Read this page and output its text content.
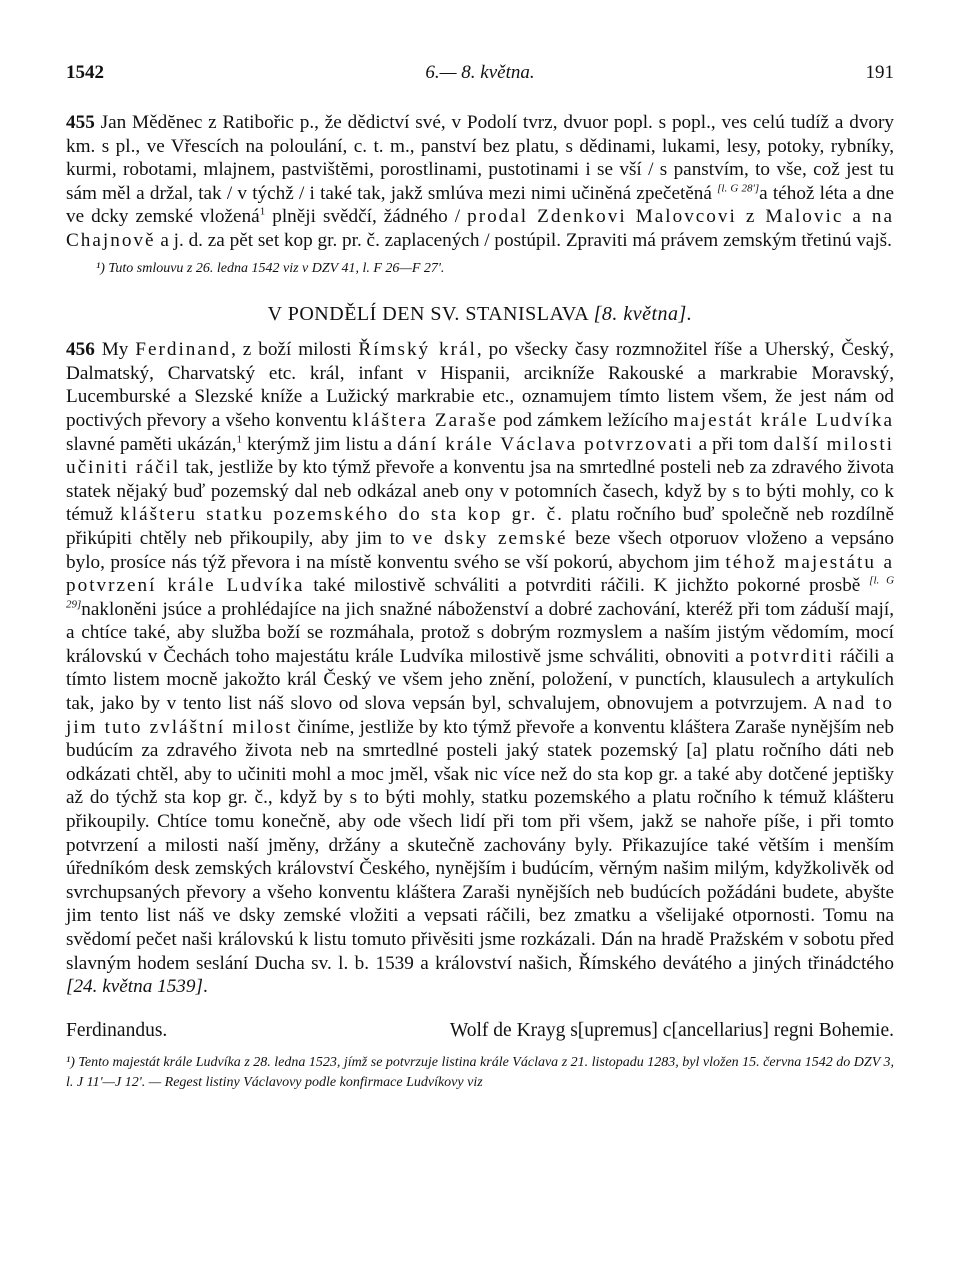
1542	6.— 8. května.	191

455 Jan Mědĕnec z Ratibořic p., že dědictví své, v Podolí tvrz, dvuor popl. s popl., ves celú tudíž a dvory km. s pl., ve Vřescích na poloulání, c. t. m., panství bez platu, s dědinami, lukami, lesy, potoky, rybníky, kurmi, robotami, mlajnem, pastvištĕmi, porostlinami, pustotinami i se vší / s panstvím, to vše, což jest tu sám měl a držal, tak / v týchž / i také tak, jakž smlúva mezi nimi učiněná zpečetěná [l. G 28']a téhož léta a dne ve dcky zemské vložená$^1$ plněji svědčí, žádného / prodal Zdenkovi Malovcovi z Malovic a na Chajnově a j. d. za pět set kop gr. pr. č. zaplacených / postúpil. Zpraviti má právem zemským třetinú vajš.

¹) Tuto smlouvu z 26. ledna 1542 viz v DZV 41, l. F 26—F 27'.
V PONDĚLÍ DEN SV. STANISLAVA [8. května].

456 My Ferdinand, z boží milosti Římský král, po všecky časy rozmnožitel říše a Uherský, Český, Dalmatský, Charvatský etc. král, infant v Hispanii, arcikníže Rakouské a markrabie Moravský, Lucemburské a Slezské kníže a Lužický markrabie etc., oznamujem tímto listem všem, že jest nám od poctivých převory a všeho konventu kláštera Zaraše pod zámkem ležícího majestát krále Ludvíka slavné paměti ukázán,$^1$ kterýmž jim listu a dání krále Václava potvrzovati a při tom další milosti učiniti ráčil tak, jestliže by kto týmž převoře a konventu jsa na smrtedlné posteli neb za zdravého života statek nějaký buď pozemský dal neb odkázal aneb ony v potomních časech, když by s to býti mohly, co k témuž klášteru statku pozemského do sta kop gr. č. platu ročního buď společně neb rozdílně přikúpiti chtěly neb přikoupily, aby jim to ve dsky zemské beze všech otporuov vloženo a vepsáno bylo, prosíce nás týž převora i na místě konventu svého se vší pokorú, abychom jim téhož majestátu a potvrzení krále Ludvíka také milostivě schváliti a potvrditi ráčili. K jichžto pokorné prosbě [l. G 29]nakloněni jsúce a prohlédajíce na jich snažné náboženství a dobré zachování, kteréž při tom záduší mají, a chtíce také, aby služba boží se rozmáhala, protož s dobrým rozmyslem a naším jistým vědomím, mocí královskú v Čechách toho majestátu krále Ludvíka milostivě jsme schváliti, obnoviti a potvrditi ráčili a tímto listem mocně jakožto král Český ve všem jeho znění, položení, v punctích, klausulech a artykulích tak, jako by v tento list náš slovo od slova vepsán byl, schvalujem, obnovujem a potvrzujem. A nad to jim tuto zvláštní milost činíme, jestliže by kto týmž převoře a konventu kláštera Zaraše nynějším neb budúcím za zdravého života neb na smrtedlné posteli jaký statek pozemský [a] platu ročního dáti neb odkázati chtěl, aby to učiniti mohl a moc jměl, však nic více než do sta kop gr. a také aby dotčené jeptišky až do týchž sta kop gr. č., když by s to býti mohly, statku pozemského a platu ročního k témuž klášteru přikoupily. Chtíce tomu konečně, aby ode všech lidí při tom při všem, jakž se nahoře píše, i při tomto potvrzení a milosti naší jměny, držány a skutečně zachovány byly. Přikazujíce také větším i menším úředníkóm desk zemských království Českého, nynějším i budúcím, věrným našim milým, kdyžkolivěk od svrchupsaných převory a všeho konventu kláštera Zaraši nynějších neb budúcích požádáni budete, abyšte jim tento list náš ve dsky zemské vložiti a vepsati ráčili, bez zmatku a všelijaké otpornosti. Tomu na svědomí pečet naši královskú k listu tomuto přivěsiti jsme rozkázali. Dán na hradě Pražském v sobotu před slavným hodem seslání Ducha sv. l. b. 1539 a království našich, Římského devátého a jiných třinádctého [24. května 1539].

Ferdinandus.	Wolf de Krayg s[upremus] c[ancellarius] regni Bohemie.
¹) Tento majestát krále Ludvíka z 28. ledna 1523, jímž se potvrzuje listina krále Václava z 21. listopadu 1283, byl vložen 15. června 1542 do DZV 3, l. J 11'—J 12'. — Regest listiny Václavovy podle konfirmace Ludvíkovy viz
